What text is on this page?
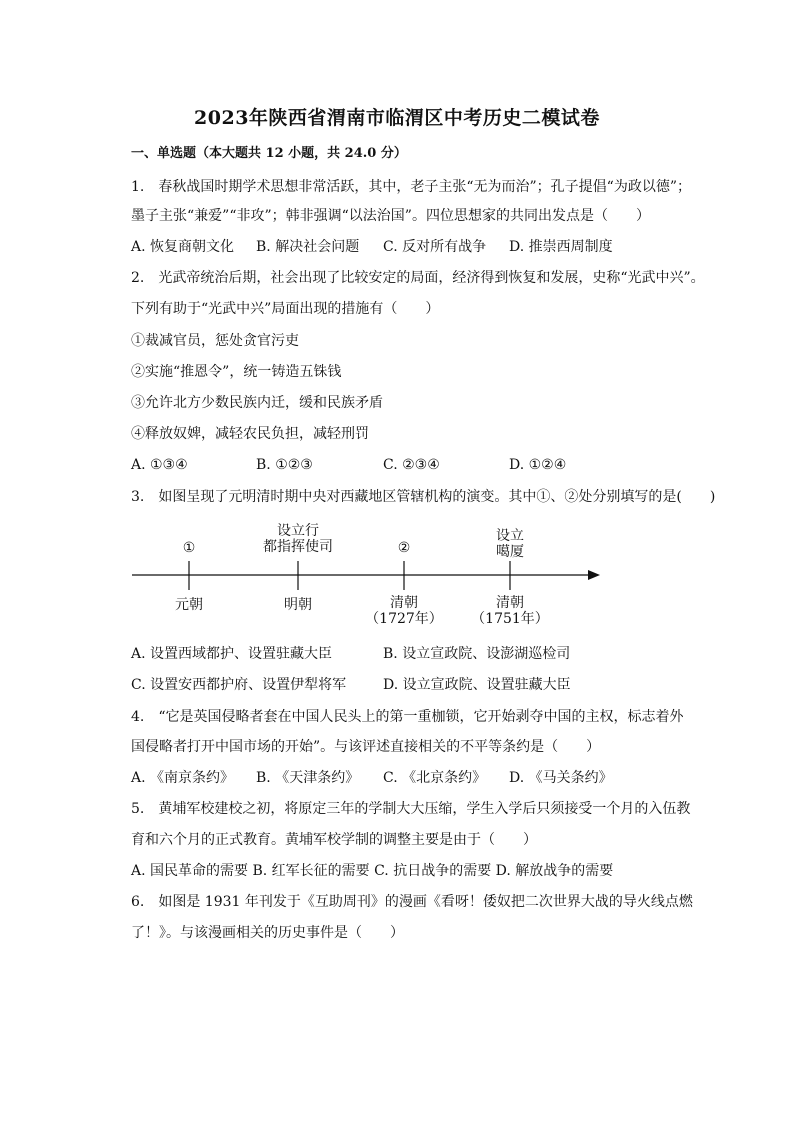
2023年陕西省渭南市临渭区中考历史二模试卷
一、单选题（本大题共 12 小题，共 24.0 分）
1.　春秋战国时期学术思想非常活跃，其中，老子主张“无为而治”；孔子提倡“为政以德”；
墨子主张“兼爱”“非攻”；韩非强调“以法治国”。四位思想家的共同出发点是（　　）
A. 恢复商朝文化 B. 解决社会问题 C. 反对所有战争 D. 推崇西周制度
2.　光武帝统治后期，社会出现了比较安定的局面，经济得到恢复和发展，史称“光武中兴”。
下列有助于“光武中兴”局面出现的措施有（　　）
①裁减官员，惩处贪官污吏
②实施“推恩令”，统一铸造五铢钱
③允许北方少数民族内迁，缓和民族矛盾
④释放奴婢，减轻农民负担，减轻刑罚
A. ①③④	B. ①②③	C. ②③④	D. ①②④
3.　如图呈现了元明清时期中央对西藏地区管辖机构的演变。其中①、②处分别填写的是(　　)
①
设立行
都指挥使司	②
设立
噶厦
元朝	明朝	清朝
（1727年）
清朝
（1751年）
A. 设置西域都护、设置驻藏大臣	B. 设立宣政院、设澎湖巡检司
C. 设置安西都护府、设置伊犁将军	D. 设立宣政院、设置驻藏大臣
4.　“它是英国侵略者套在中国人民头上的第一重枷锁，它开始剥夺中国的主权，标志着外
国侵略者打开中国市场的开始”。与该评述直接相关的不平等条约是（　　）
A. 《南京条约》 B. 《天津条约》 C. 《北京条约》 D. 《马关条约》
5.　黄埔军校建校之初，将原定三年的学制大大压缩，学生入学后只须接受一个月的入伍教
育和六个月的正式教育。黄埔军校学制的调整主要是由于（　　）
A. 国民革命的需要 B. 红军长征的需要 C. 抗日战争的需要 D. 解放战争的需要
6.　如图是 1931 年刊发于《互助周刊》的漫画《看呀！倭奴把二次世界大战的导火线点燃
了！》。与该漫画相关的历史事件是（　　）
